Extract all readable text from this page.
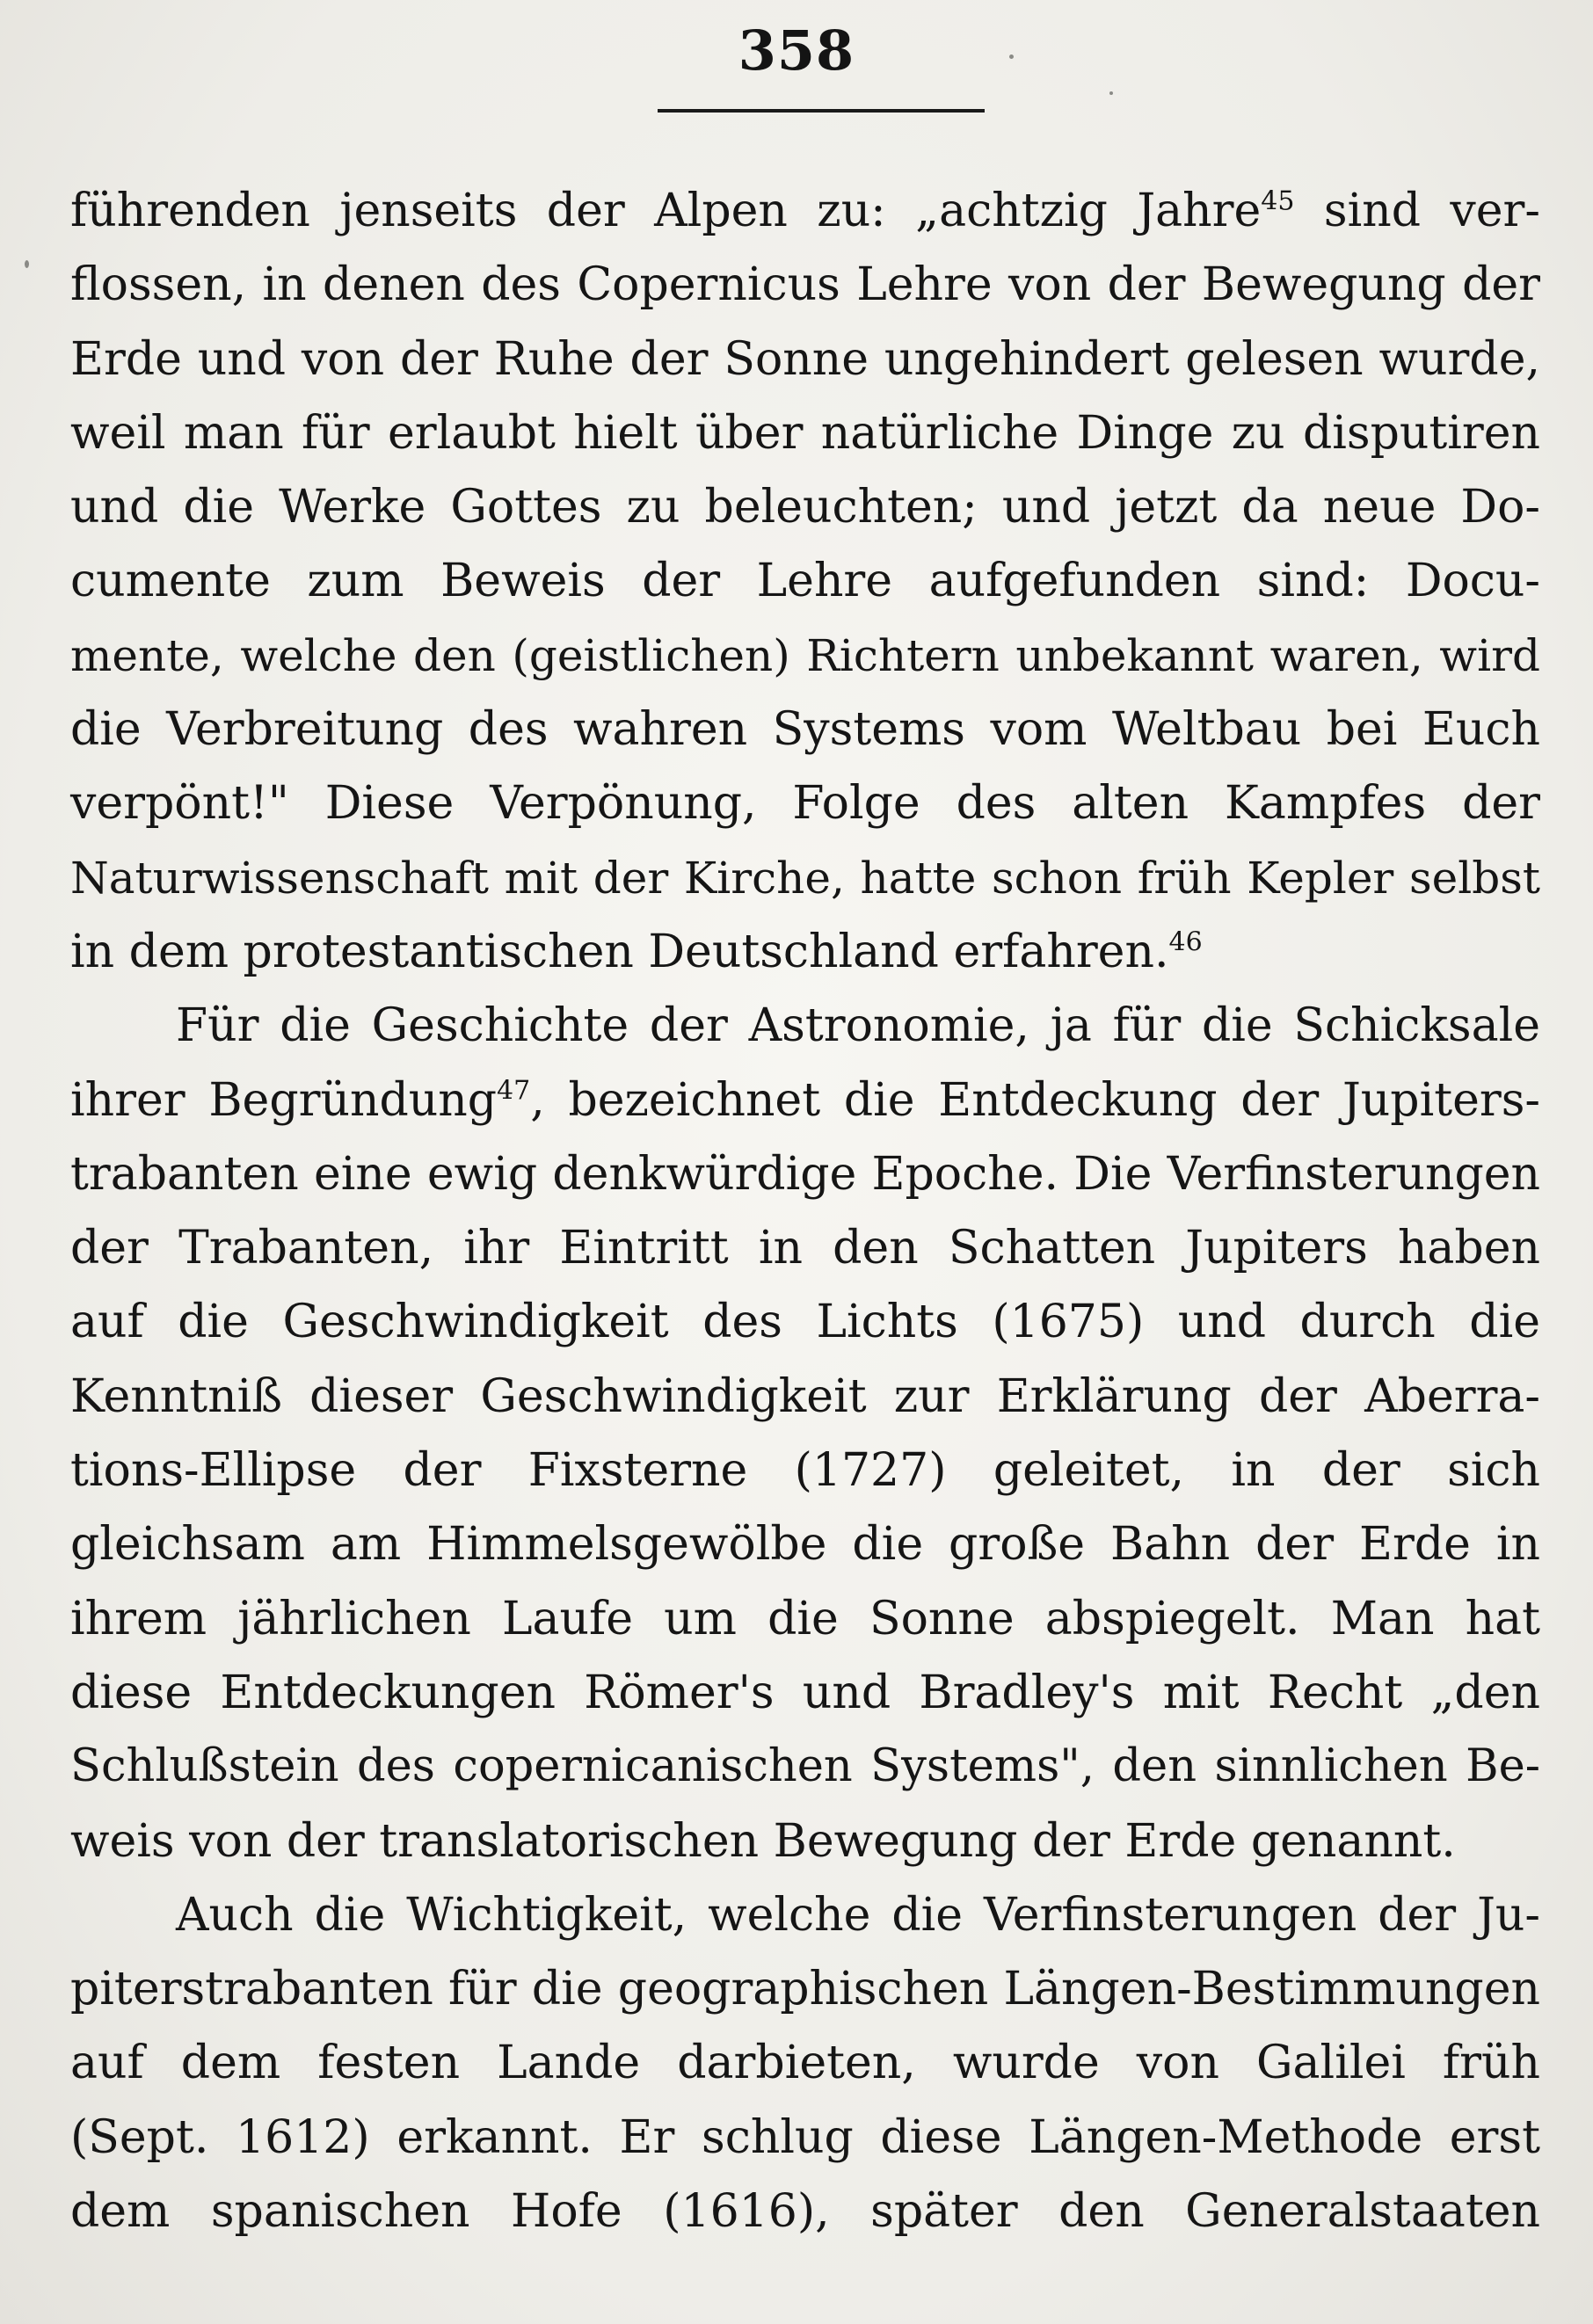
358
führenden jenseits der Alpen zu: „achtzig Jahre$^{45}$ sind ver-
flossen, in denen des Copernicus Lehre von der Bewegung der
Erde und von der Ruhe der Sonne ungehindert gelesen wurde,
weil man für erlaubt hielt über natürliche Dinge zu disputiren
und die Werke Gottes zu beleuchten; und jetzt da neue Do-
cumente zum Beweis der Lehre aufgefunden sind: Docu-
mente, welche den (geistlichen) Richtern unbekannt waren, wird
die Verbreitung des wahren Systems vom Weltbau bei Euch
verpönt!" Diese Verpönung, Folge des alten Kampfes der
Naturwissenschaft mit der Kirche, hatte schon früh Kepler selbst
in dem protestantischen Deutschland erfahren.$^{46}$
Für die Geschichte der Astronomie, ja für die Schicksale
ihrer Begründung$^{47}$, bezeichnet die Entdeckung der Jupiters-
trabanten eine ewig denkwürdige Epoche. Die Verfinsterungen
der Trabanten, ihr Eintritt in den Schatten Jupiters haben
auf die Geschwindigkeit des Lichts (1675) und durch die
Kenntniß dieser Geschwindigkeit zur Erklärung der Aberra-
tions-Ellipse der Fixsterne (1727) geleitet, in der sich
gleichsam am Himmelsgewölbe die große Bahn der Erde in
ihrem jährlichen Laufe um die Sonne abspiegelt. Man hat
diese Entdeckungen Römer's und Bradley's mit Recht „den
Schlußstein des copernicanischen Systems", den sinnlichen Be-
weis von der translatorischen Bewegung der Erde genannt.
Auch die Wichtigkeit, welche die Verfinsterungen der Ju-
piterstrabanten für die geographischen Längen-Bestimmungen
auf dem festen Lande darbieten, wurde von Galilei früh
(Sept. 1612) erkannt. Er schlug diese Längen-Methode erst
dem spanischen Hofe (1616), später den Generalstaaten
